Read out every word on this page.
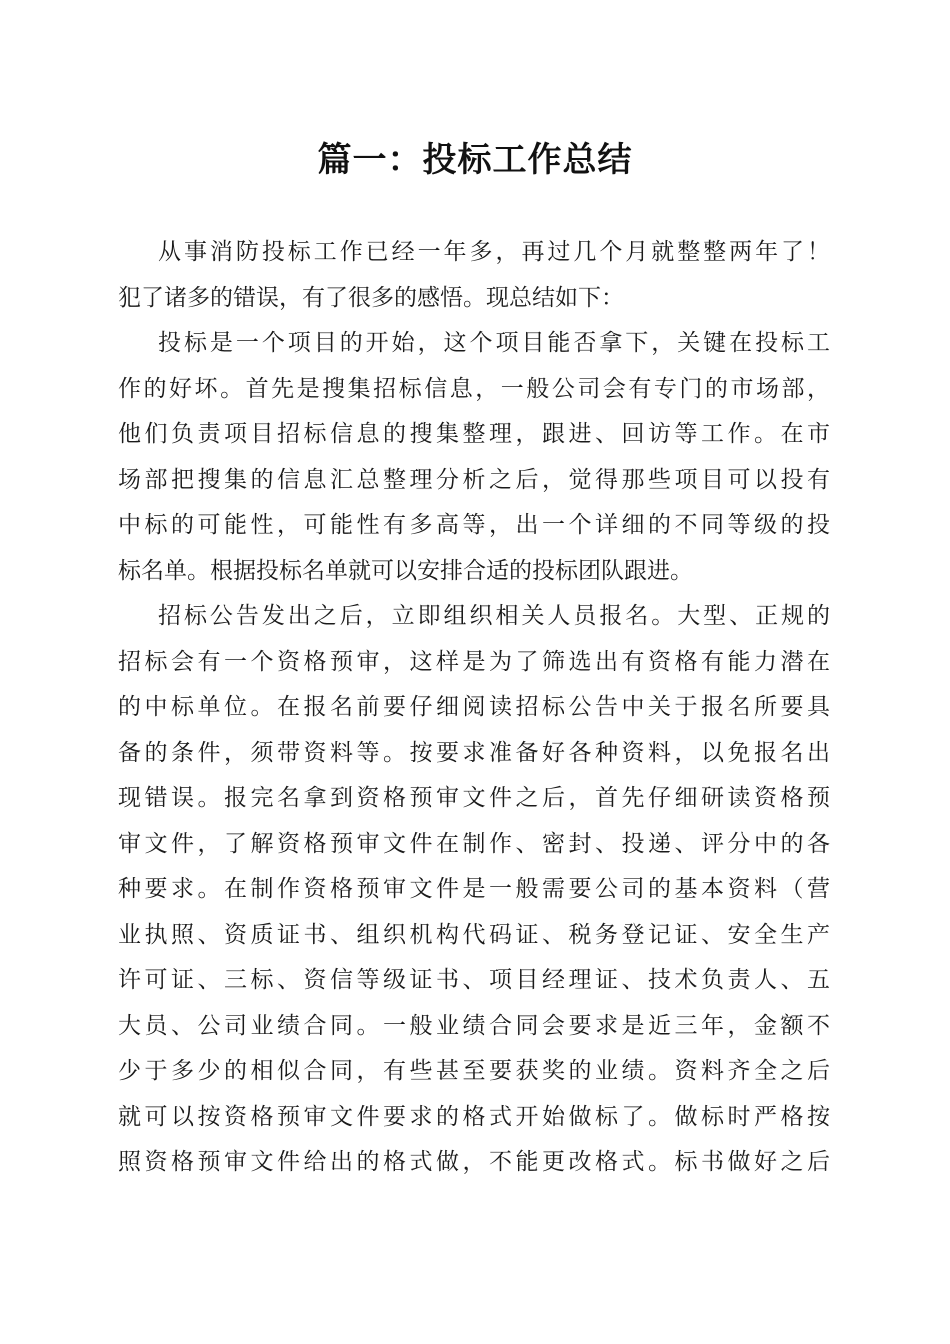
篇一：投标工作总结
从事消防投标工作已经一年多，再过几个月就整整两年了！
犯了诸多的错误，有了很多的感悟。现总结如下：
投标是一个项目的开始，这个项目能否拿下，关键在投标工
作的好坏。首先是搜集招标信息，一般公司会有专门的市场部，
他们负责项目招标信息的搜集整理，跟进、回访等工作。在市
场部把搜集的信息汇总整理分析之后，觉得那些项目可以投有
中标的可能性，可能性有多高等，出一个详细的不同等级的投
标名单。根据投标名单就可以安排合适的投标团队跟进。
招标公告发出之后，立即组织相关人员报名。大型、正规的
招标会有一个资格预审，这样是为了筛选出有资格有能力潜在
的中标单位。在报名前要仔细阅读招标公告中关于报名所要具
备的条件，须带资料等。按要求准备好各种资料，以免报名出
现错误。报完名拿到资格预审文件之后，首先仔细研读资格预
审文件，了解资格预审文件在制作、密封、投递、评分中的各
种要求。在制作资格预审文件是一般需要公司的基本资料（营
业执照、资质证书、组织机构代码证、税务登记证、安全生产
许可证、三标、资信等级证书、项目经理证、技术负责人、五
大员、公司业绩合同。一般业绩合同会要求是近三年，金额不
少于多少的相似合同，有些甚至要获奖的业绩。资料齐全之后
就可以按资格预审文件要求的格式开始做标了。做标时严格按
照资格预审文件给出的格式做，不能更改格式。标书做好之后
